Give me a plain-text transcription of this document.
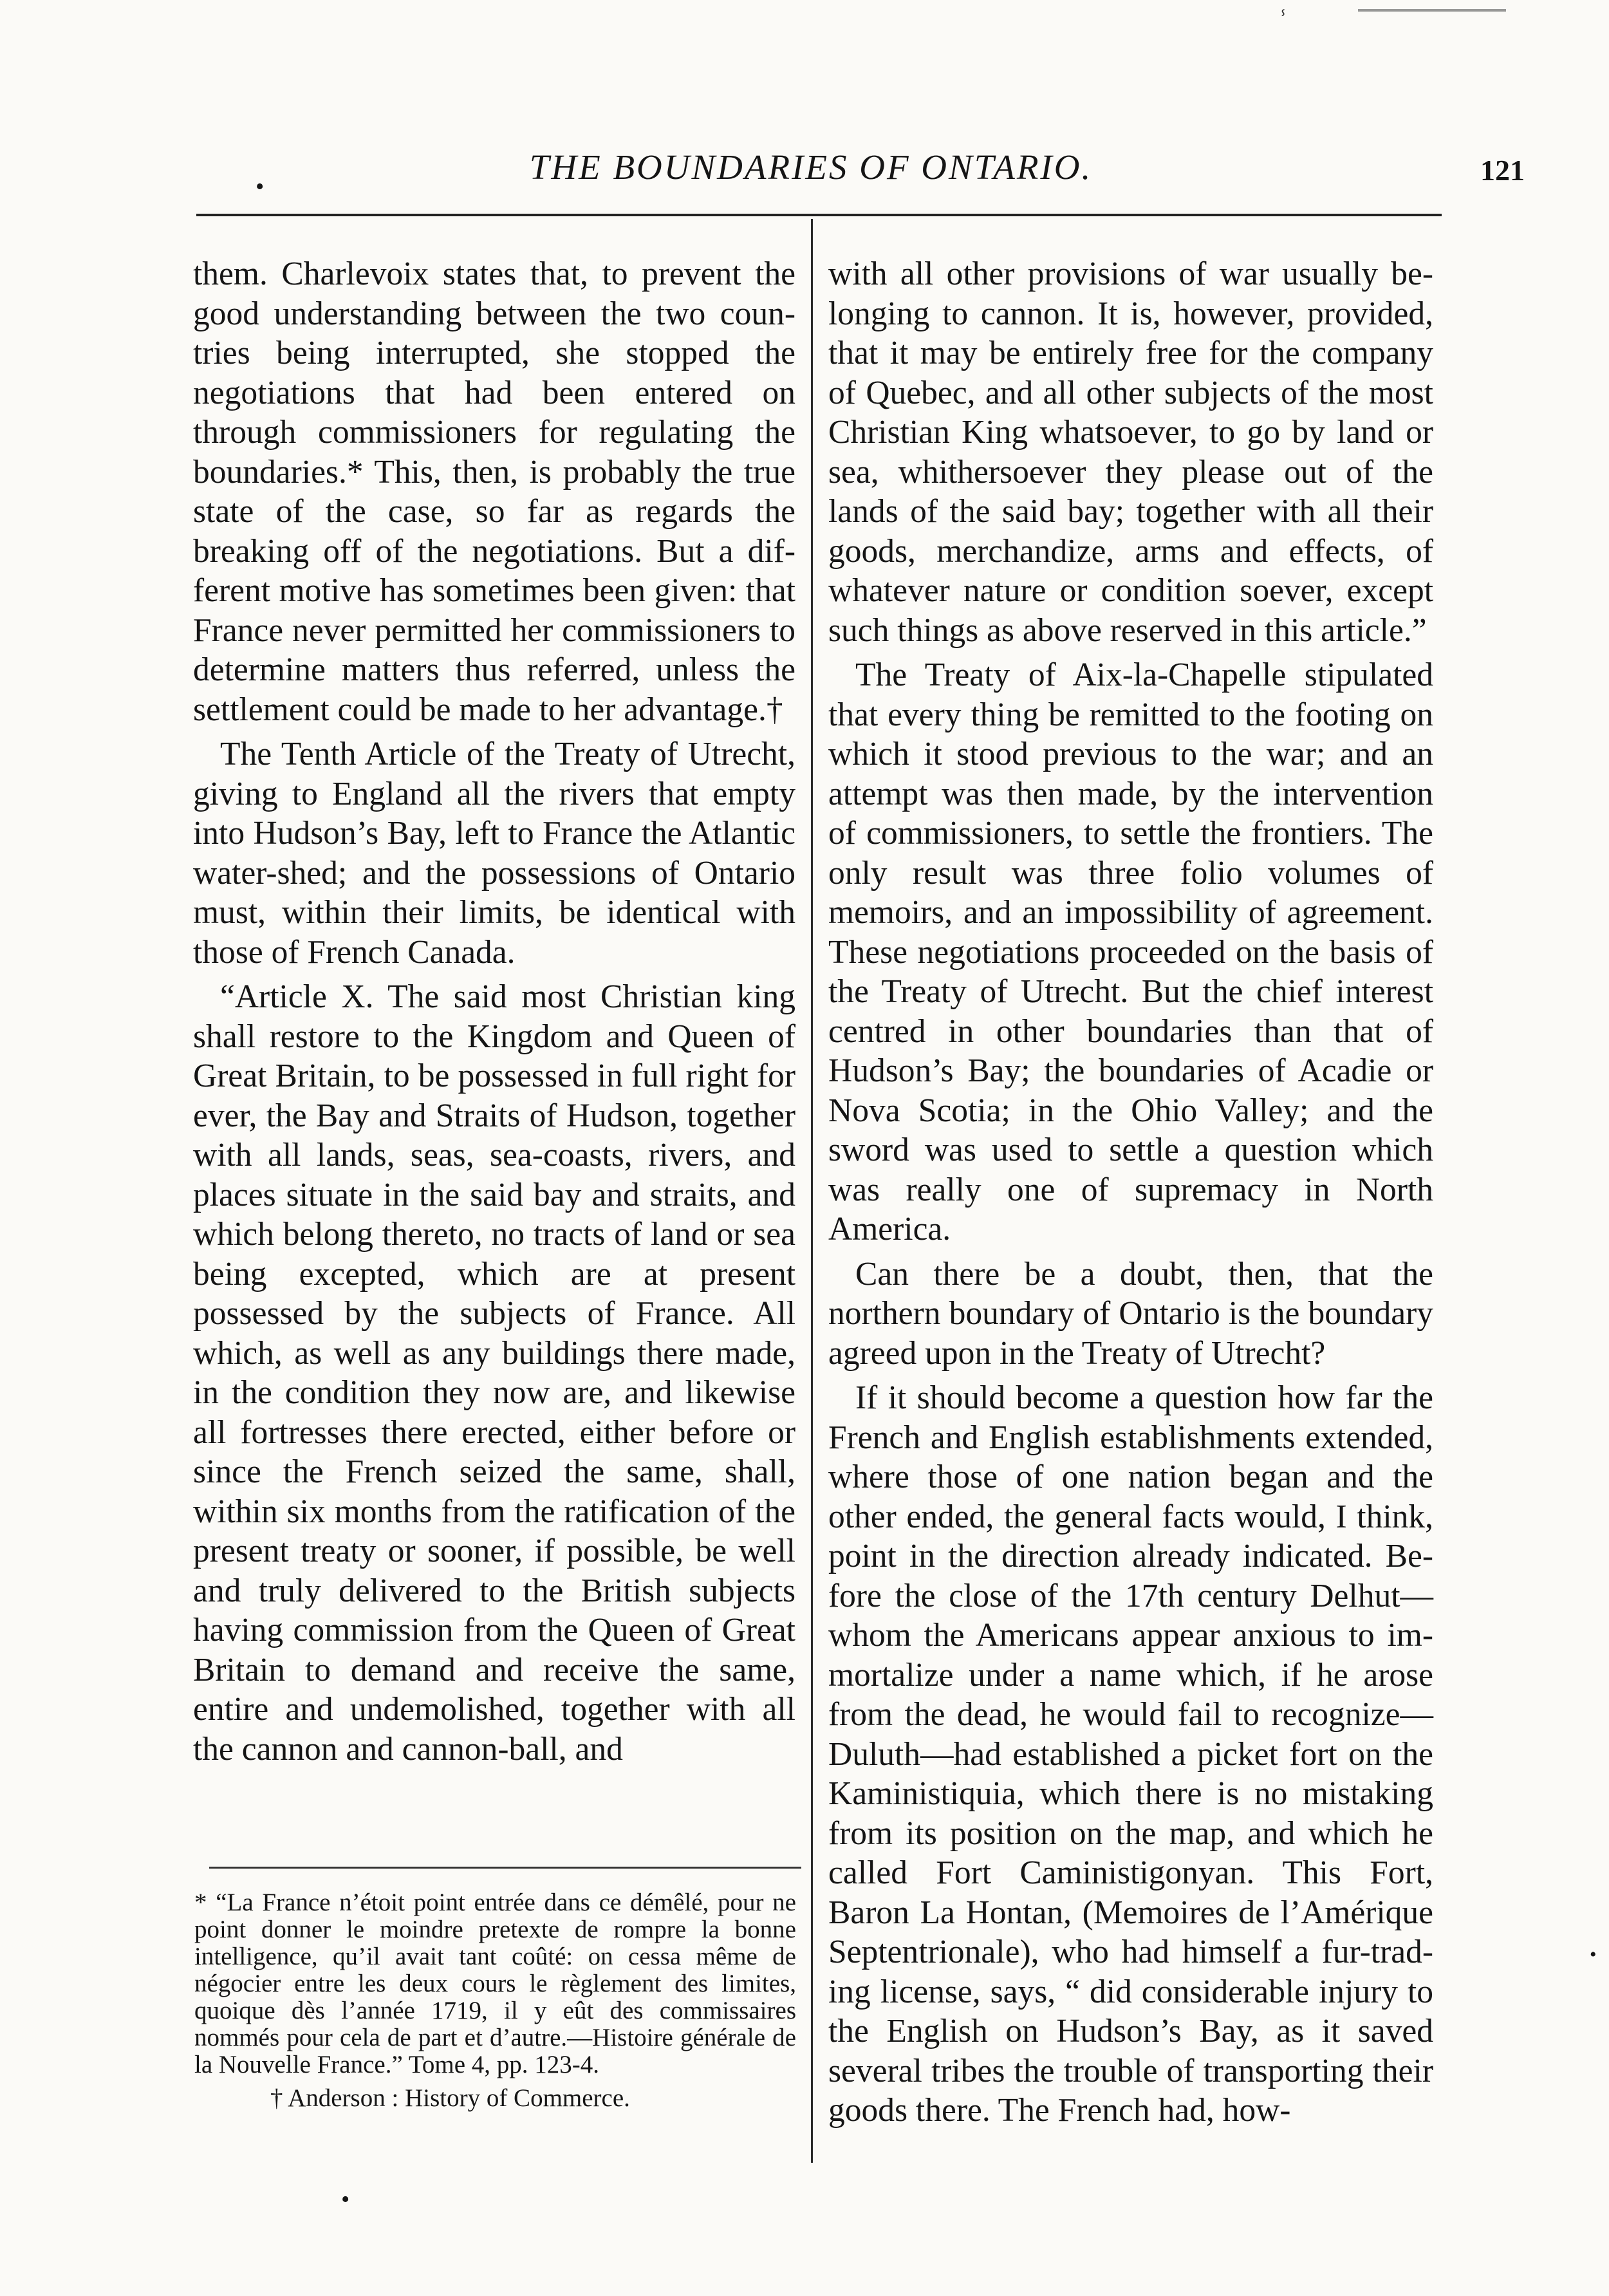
ⸯ
•	THE BOUNDARIES OF ONTARIO.	121

them. Charlevoix states that, to prevent the good understanding between the two countries being interrupted, she stopped the negotiations that had been entered on through commissioners for regulating the boundaries.* This, then, is probably the true state of the case, so far as regards the breaking off of the negotiations. But a different motive has sometimes been given: that France never permitted her commissioners to determine matters thus referred, unless the settlement could be made to her advantage.†

The Tenth Article of the Treaty of Utrecht, giving to England all the rivers that empty into Hudson’s Bay, left to France the Atlantic water-shed; and the possessions of Ontario must, within their limits, be identical with those of French Canada.

“Article X. The said most Christian king shall restore to the Kingdom and Queen of Great Britain, to be possessed in full right for ever, the Bay and Straits of Hudson, together with all lands, seas, sea-coasts, rivers, and places situate in the said bay and straits, and which belong thereto, no tracts of land or sea being excepted, which are at present possessed by the subjects of France. All which, as well as any buildings there made, in the condition they now are, and likewise all fortresses there erected, either before or since the French seized the same, shall, within six months from the ratification of the present treaty or sooner, if possible, be well and truly delivered to the British subjects having commission from the Queen of Great Britain to demand and receive the same, entire and undemolished, together with all the cannon and cannon-ball, and

with all other provisions of war usually belonging to cannon. It is, however, provided, that it may be entirely free for the company of Quebec, and all other subjects of the most Christian King whatsoever, to go by land or sea, whithersoever they please out of the lands of the said bay; together with all their goods, merchandize, arms and effects, of whatever nature or condition soever, except such things as above reserved in this article.”

The Treaty of Aix-la-Chapelle stipulated that every thing be remitted to the footing on which it stood previous to the war; and an attempt was then made, by the intervention of commissioners, to settle the frontiers. The only result was three folio volumes of memoirs, and an impossibility of agreement. These negotiations proceeded on the basis of the Treaty of Utrecht. But the chief interest centred in other boundaries than that of Hudson’s Bay; the boundaries of Acadie or Nova Scotia; in the Ohio Valley; and the sword was used to settle a question which was really one of supremacy in North America.

Can there be a doubt, then, that the northern boundary of Ontario is the boundary agreed upon in the Treaty of Utrecht?

If it should become a question how far the French and English establishments extended, where those of one nation began and the other ended, the general facts would, I think, point in the direction already indicated. Before the close of the 17th century Delhut—whom the Americans appear anxious to immortalize under a name which, if he arose from the dead, he would fail to recognize—Duluth—had established a picket fort on the Kaministiquia, which there is no mistaking from its position on the map, and which he called Fort Caministigonyan. This Fort, Baron La Hontan, (Memoires de l’Amérique Septentrionale), who had himself a fur-trading license, says, “ did considerable injury to the English on Hudson’s Bay, as it saved several tribes the trouble of transporting their goods there. The French had, how-

* “La France n’étoit point entrée dans ce démêlé, pour ne point donner le moindre pretexte de rompre la bonne intelligence, qu’il avait tant coûté: on cessa même de négocier entre les deux cours le règlement des limites, quoique dès l’année 1719, il y eût des commissaires nommés pour cela de part et d’autre.—Histoire générale de la Nouvelle France.” Tome 4, pp. 123-4.

† Anderson : History of Commerce.

•
•
